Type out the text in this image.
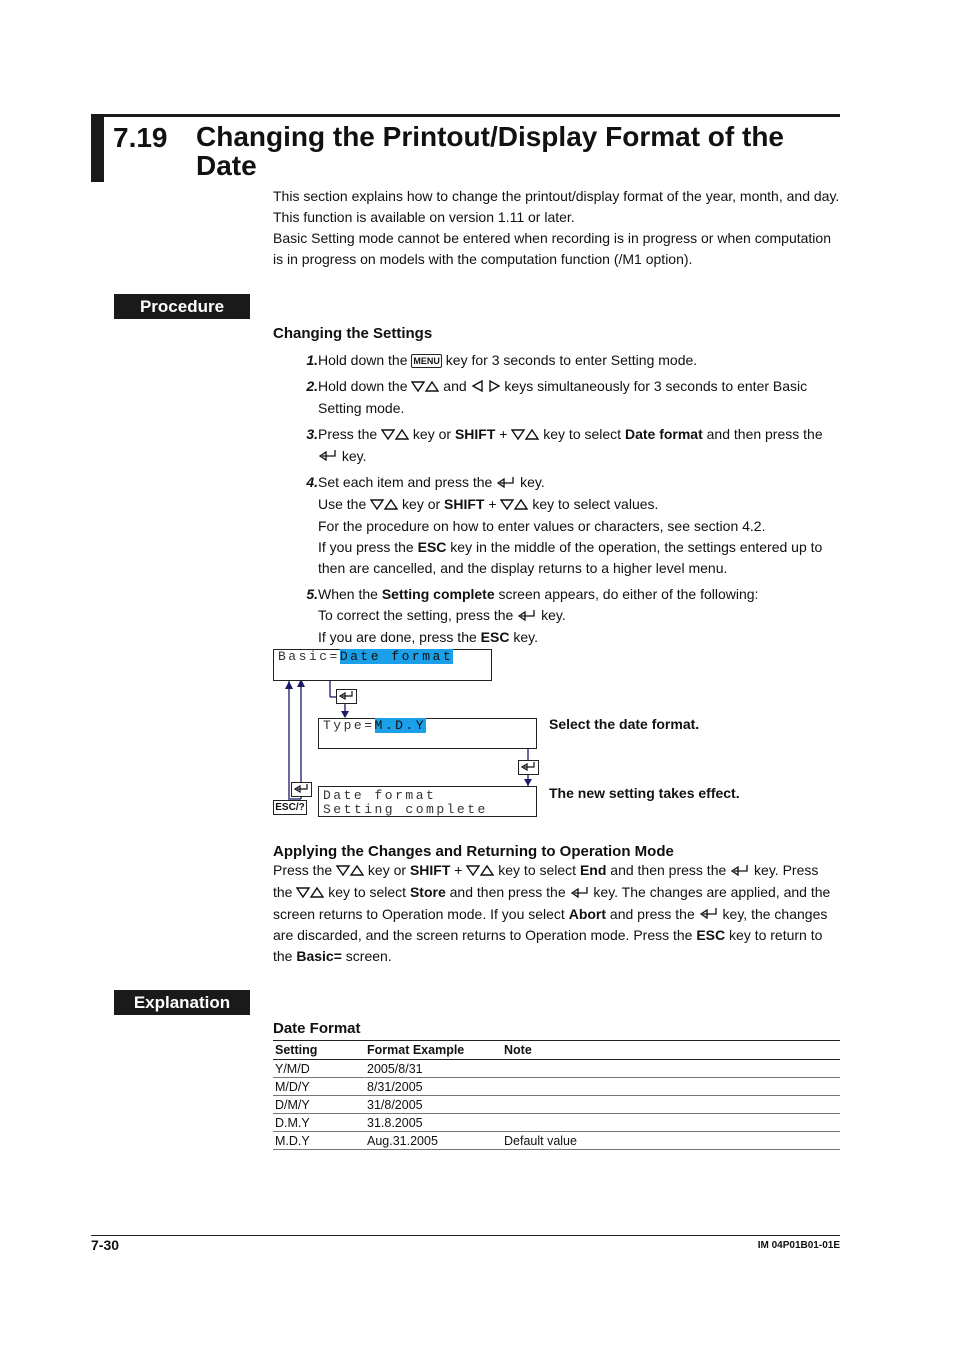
7.19 Changing the Printout/Display Format of the Date
This section explains how to change the printout/display format of the year, month, and day. This function is available on version 1.11 or later.
Basic Setting mode cannot be entered when recording is in progress or when computation is in progress on models with the computation function (/M1 option).
Procedure
Changing the Settings
1. Hold down the MENU key for 3 seconds to enter Setting mode.
2. Hold down the  and  keys simultaneously for 3 seconds to enter Basic Setting mode.
3. Press the  key or SHIFT +  key to select Date format and then press the  key.
4. Set each item and press the  key.
Use the  key or SHIFT +  key to select values.
For the procedure on how to enter values or characters, see section 4.2.
If you press the ESC key in the middle of the operation, the settings entered up to then are cancelled, and the display returns to a higher level menu.
5. When the Setting complete screen appears, do either of the following:
To correct the setting, press the  key.
If you are done, press the ESC key.
Basic=Date format
Type=M.D.Y	Select the date format.
ESC/?
Date format
Setting complete
The new setting takes effect.
Applying the Changes and Returning to Operation Mode
Press the  key or SHIFT +  key to select End and then press the  key. Press the  key to select Store and then press the  key. The changes are applied, and the screen returns to Operation mode. If you select Abort and press the  key, the changes are discarded, and the screen returns to Operation mode. Press the ESC key to return to the Basic= screen.
Explanation
Date Format
Setting	Format Example	Note
Y/M/D	2005/8/31	
M/D/Y	8/31/2005	
D/M/Y	31/8/2005	
D.M.Y	31.8.2005	
M.D.Y	Aug.31.2005	Default value
7-30	IM 04P01B01-01E
